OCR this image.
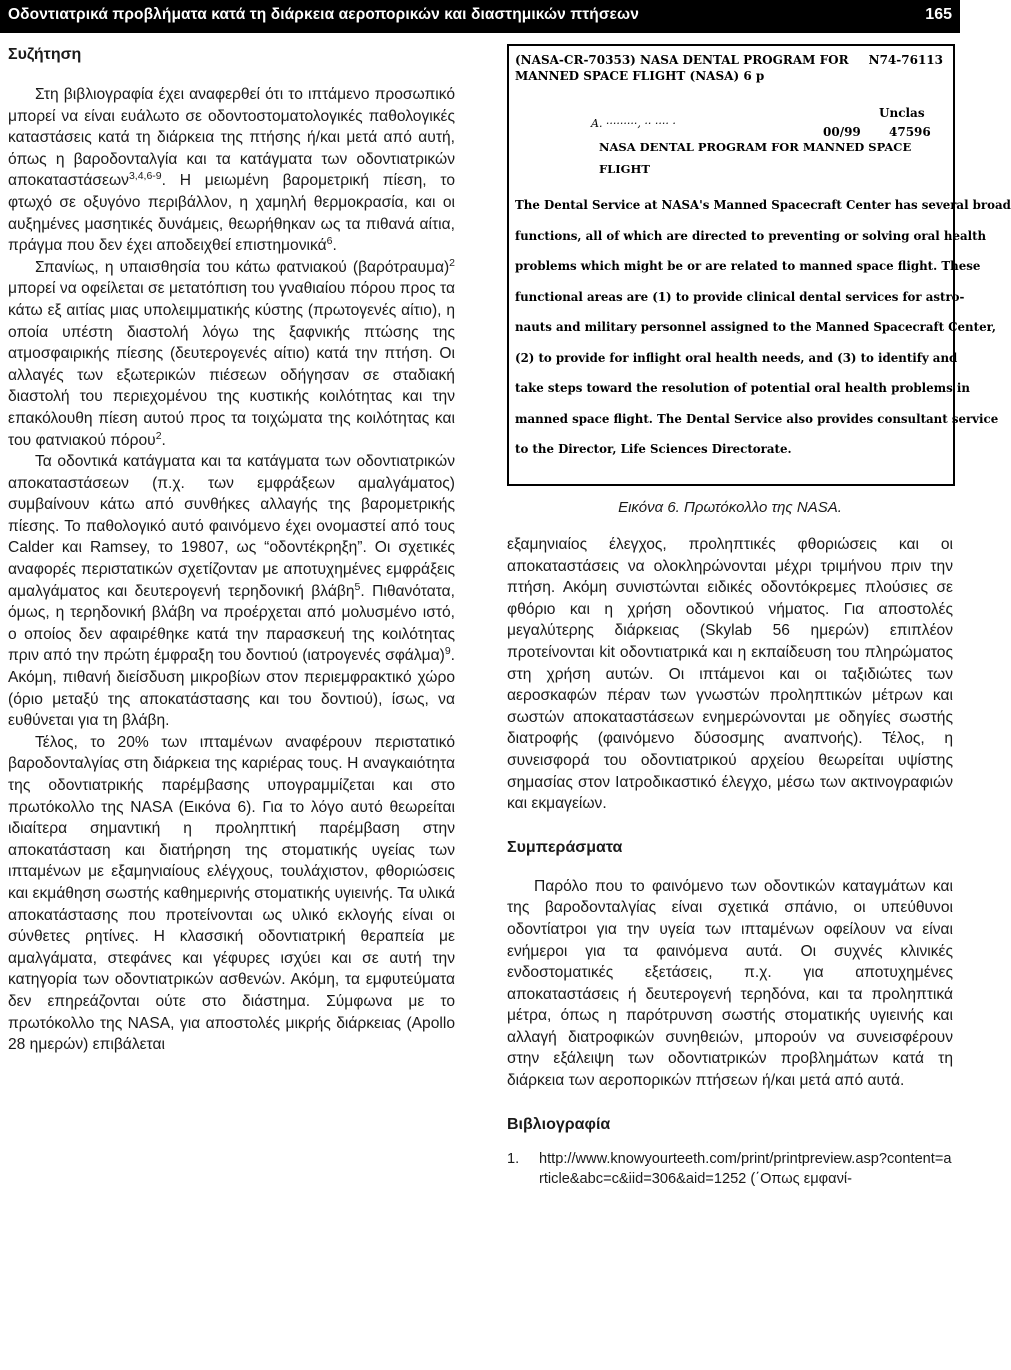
Οδοντιατρικά προβλήματα κατά τη διάρκεια αεροπορικών και διαστημικών πτήσεων	165
Συζήτηση

Στη βιβλιογραφία έχει αναφερθεί ότι το ιπτάμενο προσωπικό μπορεί να είναι ευάλωτο σε οδοντοστοματολογικές παθολογικές καταστάσεις κατά τη διάρκεια της πτήσης ή/και μετά από αυτή, όπως η βαροδονταλγία και τα κατάγματα των οδοντιατρικών αποκαταστάσεων$^{3,4,6-9}$. Η μειωμένη βαρομετρική πίεση, το φτωχό σε οξυγόνο περιβάλλον, η χαμηλή θερμοκρασία, και οι αυξημένες μασητικές δυνάμεις, θεωρήθηκαν ως τα πιθανά αίτια, πράγμα που δεν έχει αποδειχθεί επιστημονικά$^6$.

Σπανίως, η υπαισθησία του κάτω φατνιακού $(\beta\alpha\rho ό\tau\rho\alpha\upsilon\mu\alpha)^2$ μπορεί να οφείλεται σε μετατόπιση του γναθιαίου πόρου προς τα κάτω εξ αιτίας μιας υπολειμματικής κύστης (πρωτογενές αίτιο), η οποία υπέστη διαστολή λόγω της ξαφνικής πτώσης της ατμοσφαιρικής πίεσης (δευτερογενές αίτιο) κατά την πτήση. Οι αλλαγές των εξωτερικών πιέσεων οδήγησαν σε σταδιακή διαστολή του περιεχομένου της κυστικής κοιλότητας και την επακόλουθη πίεση αυτού προς τα τοιχώματα της κοιλότητας και του φατνιακού πόρου$^2$.

Τα οδοντικά κατάγματα και τα κατάγματα των οδοντιατρικών αποκαταστάσεων (π.χ. των εμφράξεων αμαλγάματος) συμβαίνουν κάτω από συνθήκες αλλαγής της βαρομετρικής πίεσης. Το παθολογικό αυτό φαινόμενο έχει ονομαστεί από τους Calder και Ramsey, το 19807, ως “οδοντέκρηξη”. Οι σχετικές αναφορές περιστατικών σχετίζονταν με αποτυχημένες εμφράξεις αμαλγάματος και δευτερογενή τερηδονική βλάβη$^5$. Πιθανότατα, όμως, η τερηδονική βλάβη να προέρχεται από μολυσμένο ιστό, ο οποίος δεν αφαιρέθηκε κατά την παρασκευή της κοιλότητας πριν από την πρώτη έμφραξη του δοντιού (ιατρογενές σφάλμα)$^9$. Ακόμη, πιθανή διείσδυση μικροβίων στον περιεμφρακτικό χώρο (όριο μεταξύ της αποκατάστασης και του δοντιού), ίσως, να ευθύνεται για τη βλάβη.

Τέλος, το 20% των ιπταμένων αναφέρουν περιστατικό βαροδονταλγίας στη διάρκεια της καριέρας τους. Η αναγκαιότητα της οδοντιατρικής παρέμβασης υπογραμμίζεται και στο πρωτόκολλο της NASA (Εικόνα 6). Για το λόγο αυτό θεωρείται ιδιαίτερα σημαντική η προληπτική παρέμβαση στην αποκατάσταση και διατήρηση της στοματικής υγείας των ιπταμένων με εξαμηνιαίους ελέγχους, τουλάχιστον, φθοριώσεις και εκμάθηση σωστής καθημερινής στοματικής υγιεινής. Τα υλικά αποκατάστασης που προτείνονται ως υλικό εκλογής είναι οι σύνθετες ρητίνες. Η κλασσική οδοντιατρική θεραπεία με αμαλγάματα, στεφάνες και γέφυρες ισχύει και σε αυτή την κατηγορία των οδοντιατρικών ασθενών. Ακόμη, τα εμφυτεύματα δεν επηρεάζονται ούτε στο διάστημα. Σύμφωνα με το πρωτόκολλο της NASA, για αποστολές μικρής διάρκειας (Apollo 28 ημερών) επιβάλεται

(NASA-CR-70353) NASA DENTAL PROGRAM FOR
MANNED SPACE FLIGHT (NASA) 6 p
N74-76113
Unclas
A. ·········, ·· ···· ·
00/99 47596
NASA DENTAL PROGRAM FOR MANNED SPACE FLIGHT
The Dental Service at NASA's Manned Spacecraft Center has several broad
functions, all of which are directed to preventing or solving oral health
problems which might be or are related to manned space flight. These
functional areas are (1) to provide clinical dental services for astro-
nauts and military personnel assigned to the Manned Spacecraft Center,
(2) to provide for inflight oral health needs, and (3) to identify and
take steps toward the resolution of potential oral health problems in
manned space flight. The Dental Service also provides consultant service
to the Director, Life Sciences Directorate.
Εικόνα 6. Πρωτόκολλο της NASA.

εξαμηνιαίος έλεγχος, προληπτικές φθοριώσεις και οι αποκαταστάσεις να ολοκληρώνονται μέχρι τριμήνου πριν την πτήση. Ακόμη συνιστώνται ειδικές οδοντόκρεμες πλούσιες σε φθόριο και η χρήση οδοντικού νήματος. Για αποστολές μεγαλύτερης διάρκειας (Skylab 56 ημερών) επιπλέον προτείνονται kit οδοντιατρικά και η εκπαίδευση του πληρώματος στη χρήση αυτών. Οι ιπτάμενοι και οι ταξιδιώτες των αεροσκαφών πέραν των γνωστών προληπτικών μέτρων και σωστών αποκαταστάσεων ενημερώνονται με οδηγίες σωστής διατροφής (φαινόμενο δύσοσμης αναπνοής). Τέλος, η συνεισφορά του οδοντιατρικού αρχείου θεωρείται υψίστης σημασίας στον Ιατροδικαστικό έλεγχο, μέσω των ακτινογραφιών και εκμαγείων.

Συμπεράσματα

Παρόλο που το φαινόμενο των οδοντικών καταγμάτων και της βαροδονταλγίας είναι σχετικά σπάνιο, οι υπεύθυνοι οδοντίατροι για την υγεία των ιπταμένων οφείλουν να είναι ενήμεροι για τα φαινόμενα αυτά. Οι συχνές κλινικές ενδοστοματικές εξετάσεις, π.χ. για αποτυχημένες αποκαταστάσεις ή δευτερογενή τερηδόνα, και τα προληπτικά μέτρα, όπως η παρότρυνση σωστής στοματικής υγιεινής και αλλαγή διατροφικών συνηθειών, μπορούν να συνεισφέρουν στην εξάλειψη των οδοντιατρικών προβλημάτων κατά τη διάρκεια των αεροπορικών πτήσεων ή/και μετά από αυτά.

Βιβλιογραφία
1.	http://www.knowyourteeth.com/print/printpreview.asp?content=article&abc=c&iid=306&aid=1252 (΄Οπως εμφανί-
